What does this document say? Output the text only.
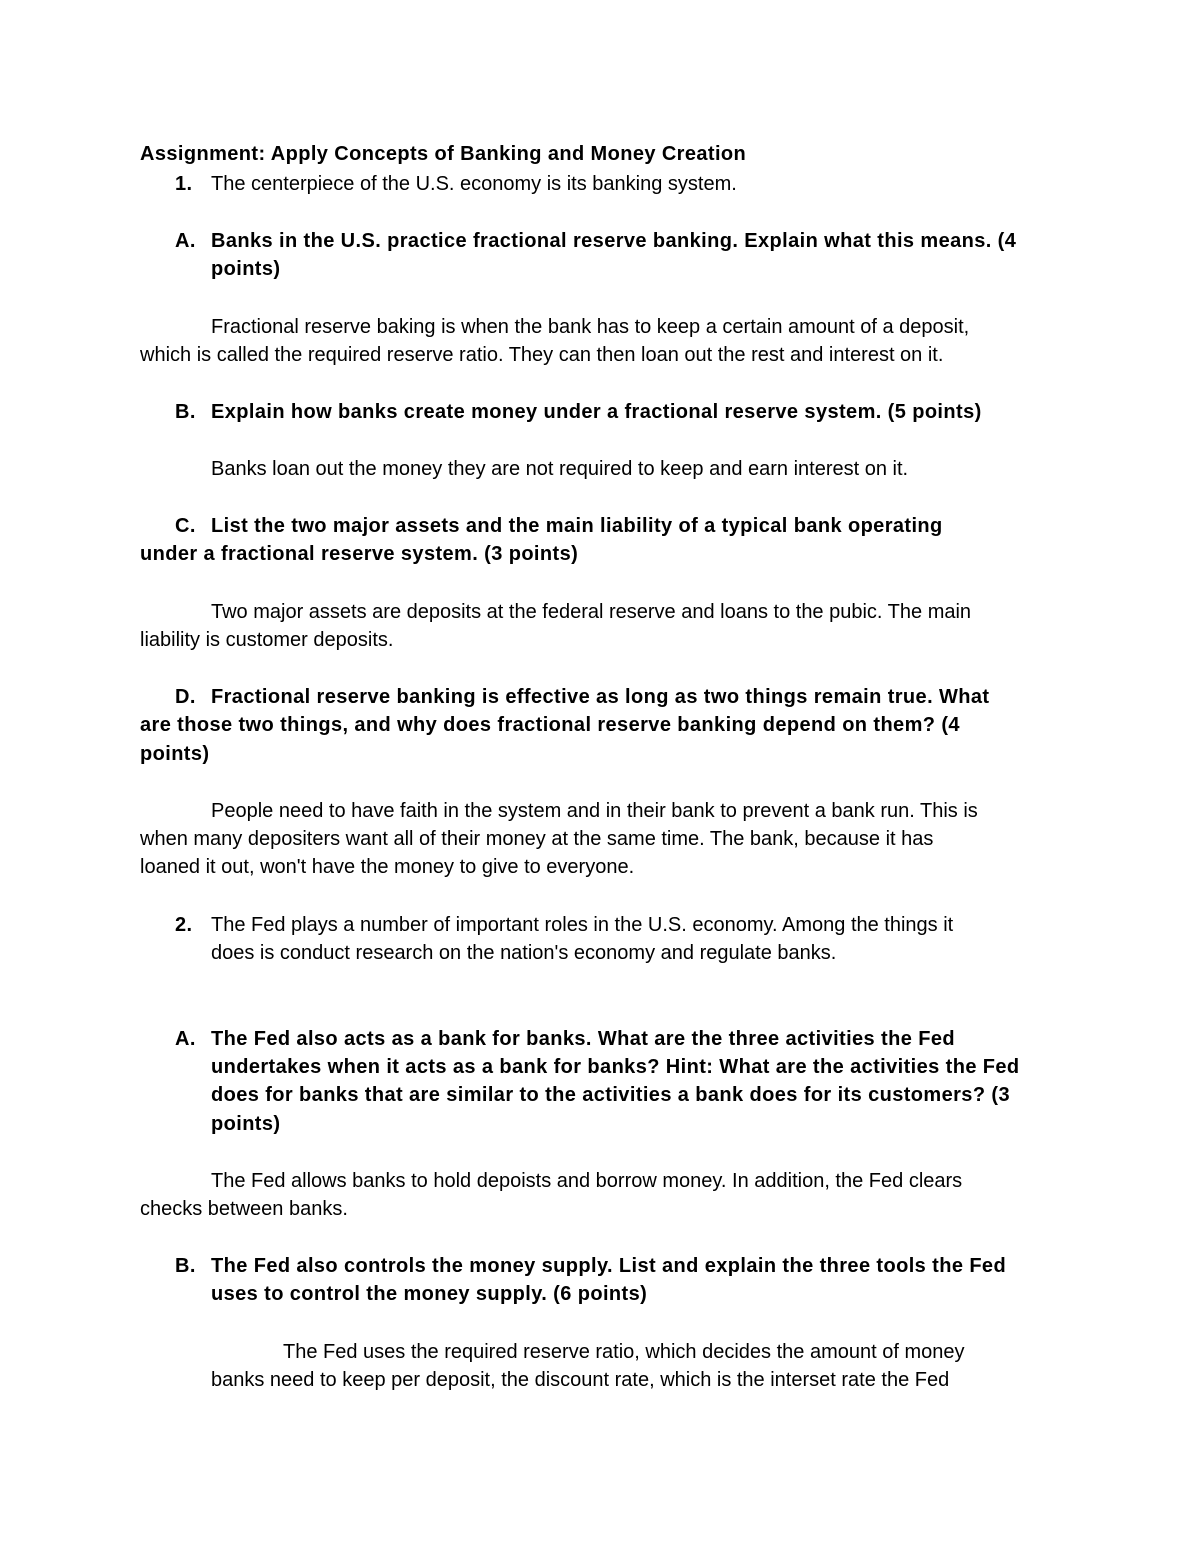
Assignment: Apply Concepts of Banking and Money Creation
1. The centerpiece of the U.S. economy is its banking system.
A. Banks in the U.S. practice fractional reserve banking. Explain what this means. (4
points)
Fractional reserve baking is when the bank has to keep a certain amount of a deposit,
which is called the required reserve ratio. They can then loan out the rest and interest on it.
B. Explain how banks create money under a fractional reserve system. (5 points)
Banks loan out the money they are not required to keep and earn interest on it.
C. List the two major assets and the main liability of a typical bank operating
under a fractional reserve system. (3 points)
Two major assets are deposits at the federal reserve and loans to the pubic. The main
liability is customer deposits.
D. Fractional reserve banking is effective as long as two things remain true. What
are those two things, and why does fractional reserve banking depend on them? (4
points)
People need to have faith in the system and in their bank to prevent a bank run. This is
when many depositers want all of their money at the same time. The bank, because it has
loaned it out, won't have the money to give to everyone.
2. The Fed plays a number of important roles in the U.S. economy. Among the things it
does is conduct research on the nation's economy and regulate banks.
A. The Fed also acts as a bank for banks. What are the three activities the Fed
undertakes when it acts as a bank for banks? Hint: What are the activities the Fed
does for banks that are similar to the activities a bank does for its customers? (3
points)
The Fed allows banks to hold depoists and borrow money. In addition, the Fed clears
checks between banks.
B. The Fed also controls the money supply. List and explain the three tools the Fed
uses to control the money supply. (6 points)
The Fed uses the required reserve ratio, which decides the amount of money
banks need to keep per deposit, the discount rate, which is the interset rate the Fed
